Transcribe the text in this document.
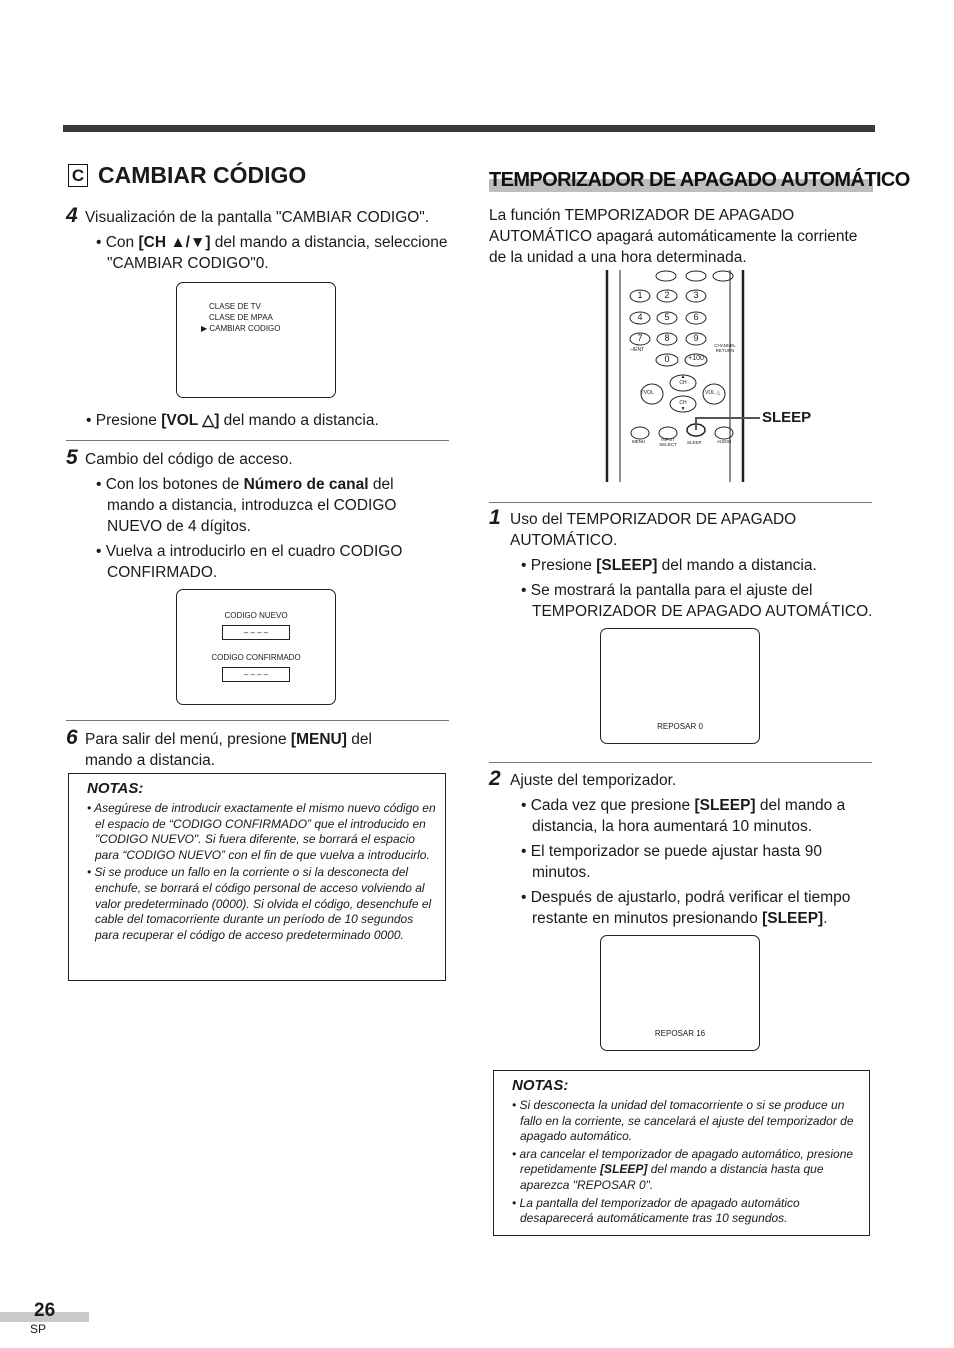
C CAMBIAR CÓDIGO
4 Visualización de la pantalla "CAMBIAR CODIGO".
• Con [CH ▲/▼] del mando a distancia, seleccione "CAMBIAR CODIGO"0.
CLASE DE TV
CLASE DE MPAA
▶ CAMBIAR CODIGO
• Presione [VOL △] del mando a distancia.
5 Cambio del código de acceso.
• Con los botones de Número de canal del mando a distancia, introduzca el CODIGO NUEVO de 4 dígitos.
• Vuelva a introducirlo en el cuadro CODIGO CONFIRMADO.
CODIGO NUEVO
– – – –
CODIGO CONFIRMADO
– – – –
6 Para salir del menú, presione [MENU] del mando a distancia.
NOTAS:

• Asegúrese de introducir exactamente el mismo nuevo código en el espacio de “CODIGO CONFIRMADO” que el introducido en "CODIGO NUEVO". Si fuera diferente, se borrará el espacio para “CODIGO NUEVO” con el fin de que vuelva a introducirlo.

• Si se produce un fallo en la corriente o si la desconecta del enchufe, se borrará el código personal de acceso volviendo al valor predeterminado (0000). Si olvida el código, desenchufe el cable del tomacorriente durante un período de 10 segundos para recuperar el código de acceso predeterminado 0000.

TEMPORIZADOR DE APAGADO AUTOMÁTICO
La función TEMPORIZADOR DE APAGADO AUTOMÁTICO apagará automáticamente la corriente de la unidad a una hora determinada.
1	2	3
4	5	6
7	8	9
0	+100
–/ENT
CHANNEL RETURN
▲
CH
CH
▼
▽VOL	VOL △
MENU	INPUT SELECT SLEEP	AUDIO
SLEEP
1 Uso del TEMPORIZADOR DE APAGADO AUTOMÁTICO.
• Presione [SLEEP] del mando a distancia.
• Se mostrará la pantalla para el ajuste del TEMPORIZADOR DE APAGADO AUTOMÁTICO.
REPOSAR 0
2 Ajuste del temporizador.
• Cada vez que presione [SLEEP] del mando a distancia, la hora aumentará 10 minutos.
• El temporizador se puede ajustar hasta 90 minutos.
• Después de ajustarlo, podrá verificar el tiempo restante en minutos presionando [SLEEP].
REPOSAR 16
NOTAS:

• Si desconecta la unidad del tomacorriente o si se produce un fallo en la corriente, se cancelará el ajuste del temporizador de apagado automático.

• ara cancelar el temporizador de apagado automático, presione repetidamente [SLEEP] del mando a distancia hasta que aparezca "REPOSAR 0".

• La pantalla del temporizador de apagado automático desaparecerá automáticamente tras 10 segundos.

26
SP
